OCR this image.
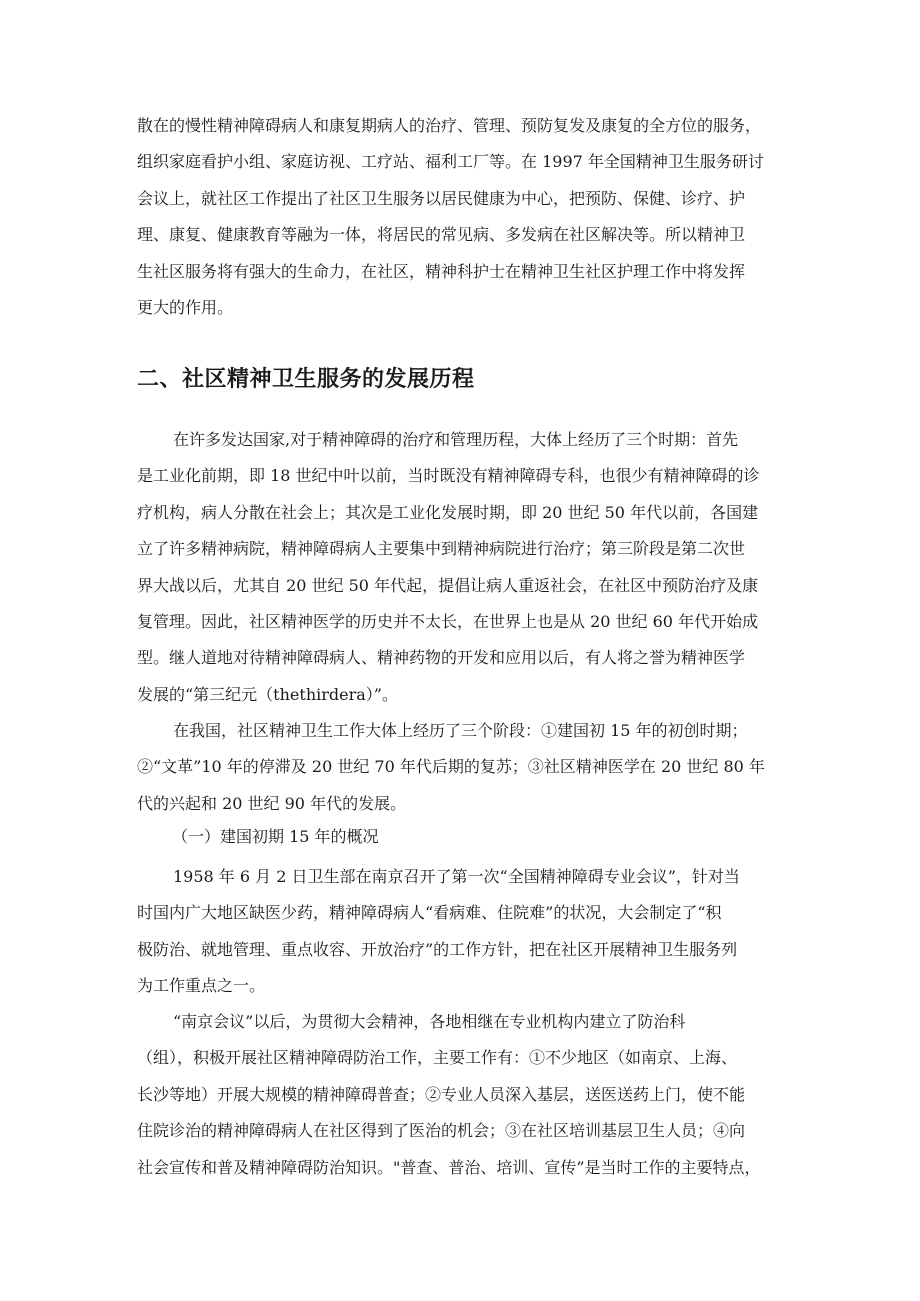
散在的慢性精神障碍病人和康复期病人的治疗、管理、预防复发及康复的全方位的服务，
组织家庭看护小组、家庭访视、工疗站、福利工厂等。在 1997 年全国精神卫生服务研讨
会议上，就社区工作提出了社区卫生服务以居民健康为中心，把预防、保健、诊疗、护
理、康复、健康教育等融为一体，将居民的常见病、多发病在社区解决等。所以精神卫
生社区服务将有强大的生命力，在社区，精神科护士在精神卫生社区护理工作中将发挥
更大的作用。
二、社区精神卫生服务的发展历程
在许多发达国家,对于精神障碍的治疗和管理历程，大体上经历了三个时期：首先
是工业化前期，即 18 世纪中叶以前，当时既没有精神障碍专科，也很少有精神障碍的诊
疗机构，病人分散在社会上；其次是工业化发展时期，即 20 世纪 50 年代以前，各国建
立了许多精神病院，精神障碍病人主要集中到精神病院进行治疗；第三阶段是第二次世
界大战以后，尤其自 20 世纪 50 年代起，提倡让病人重返社会，在社区中预防治疗及康
复管理。因此，社区精神医学的历史并不太长，在世界上也是从 20 世纪 60 年代开始成
型。继人道地对待精神障碍病人、精神药物的开发和应用以后，有人将之誉为精神医学
发展的“第三纪元（thethirdera）”。
在我国，社区精神卫生工作大体上经历了三个阶段：①建国初 15 年的初创时期；
②“文革”10 年的停滞及 20 世纪 70 年代后期的复苏；③社区精神医学在 20 世纪 80 年
代的兴起和 20 世纪 90 年代的发展。
（一）建国初期 15 年的概况
1958 年 6 月 2 日卫生部在南京召开了第一次“全国精神障碍专业会议”，针对当
时国内广大地区缺医少药，精神障碍病人“看病难、住院难”的状况，大会制定了“积
极防治、就地管理、重点收容、开放治疗”的工作方针，把在社区开展精神卫生服务列
为工作重点之一。
“南京会议”以后，为贯彻大会精神，各地相继在专业机构内建立了防治科
（组），积极开展社区精神障碍防治工作，主要工作有：①不少地区（如南京、上海、
长沙等地）开展大规模的精神障碍普查；②专业人员深入基层，送医送药上门，使不能
住院诊治的精神障碍病人在社区得到了医治的机会；③在社区培训基层卫生人员；④向
社会宣传和普及精神障碍防治知识。"普查、普治、培训、宣传”是当时工作的主要特点，
